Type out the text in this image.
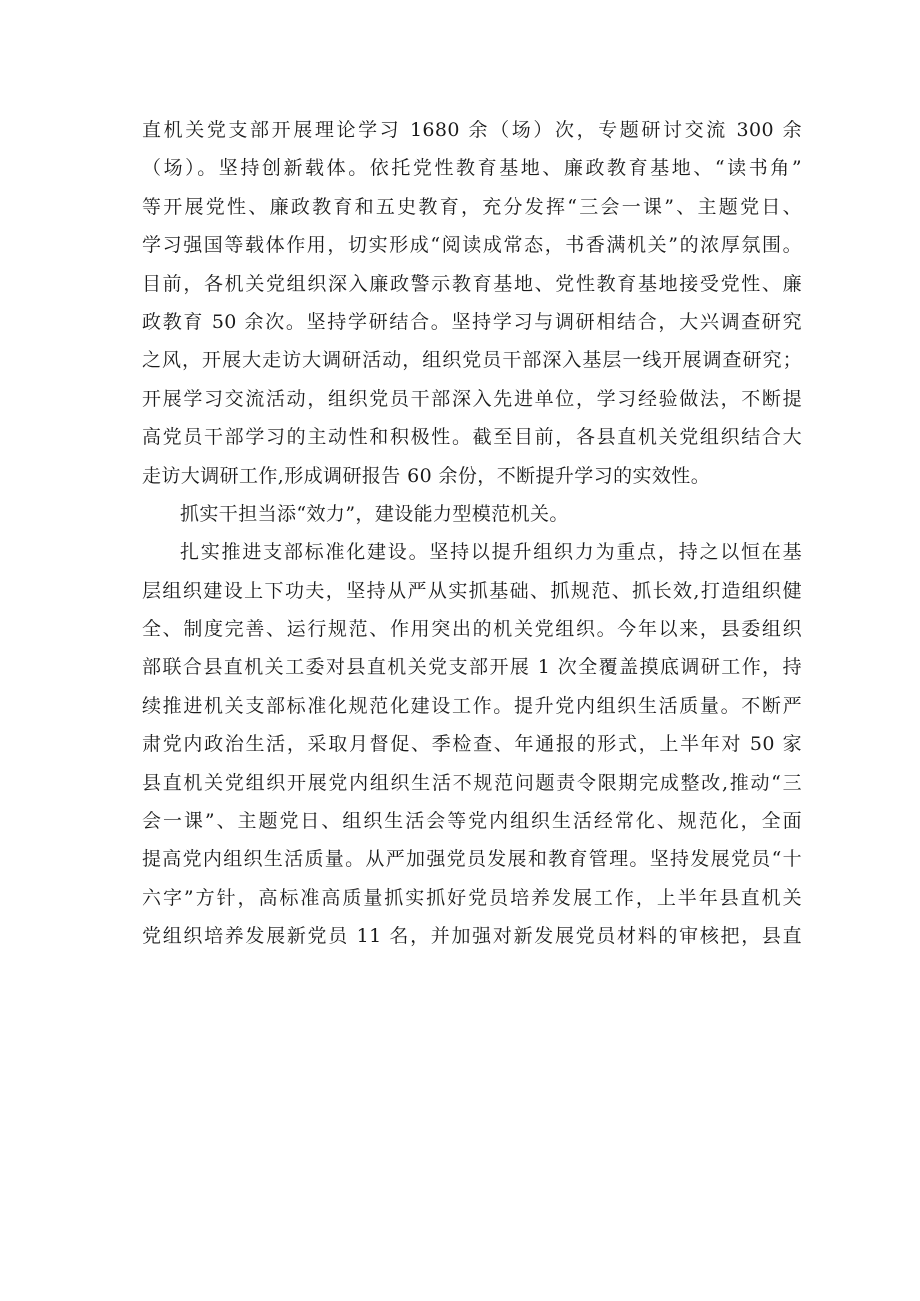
直机关党支部开展理论学习 1680 余（场）次，专题研讨交流 300 余
（场）。坚持创新载体。依托党性教育基地、廉政教育基地、“读书角”
等开展党性、廉政教育和五史教育，充分发挥“三会一课”、主题党日、
学习强国等载体作用，切实形成“阅读成常态，书香满机关”的浓厚氛围。
目前，各机关党组织深入廉政警示教育基地、党性教育基地接受党性、廉
政教育 50 余次。坚持学研结合。坚持学习与调研相结合，大兴调查研究
之风，开展大走访大调研活动，组织党员干部深入基层一线开展调查研究；
开展学习交流活动，组织党员干部深入先进单位，学习经验做法，不断提
高党员干部学习的主动性和积极性。截至目前，各县直机关党组织结合大
走访大调研工作,形成调研报告 60 余份，不断提升学习的实效性。
抓实干担当添“效力”，建设能力型模范机关。
扎实推进支部标准化建设。坚持以提升组织力为重点，持之以恒在基
层组织建设上下功夫，坚持从严从实抓基础、抓规范、抓长效,打造组织健
全、制度完善、运行规范、作用突出的机关党组织。今年以来，县委组织
部联合县直机关工委对县直机关党支部开展 1 次全覆盖摸底调研工作，持
续推进机关支部标准化规范化建设工作。提升党内组织生活质量。不断严
肃党内政治生活，采取月督促、季检查、年通报的形式，上半年对 50 家
县直机关党组织开展党内组织生活不规范问题责令限期完成整改,推动“三
会一课”、主题党日、组织生活会等党内组织生活经常化、规范化，全面
提高党内组织生活质量。从严加强党员发展和教育管理。坚持发展党员“十
六字”方针，高标准高质量抓实抓好党员培养发展工作，上半年县直机关
党组织培养发展新党员 11 名，并加强对新发展党员材料的审核把，县直
